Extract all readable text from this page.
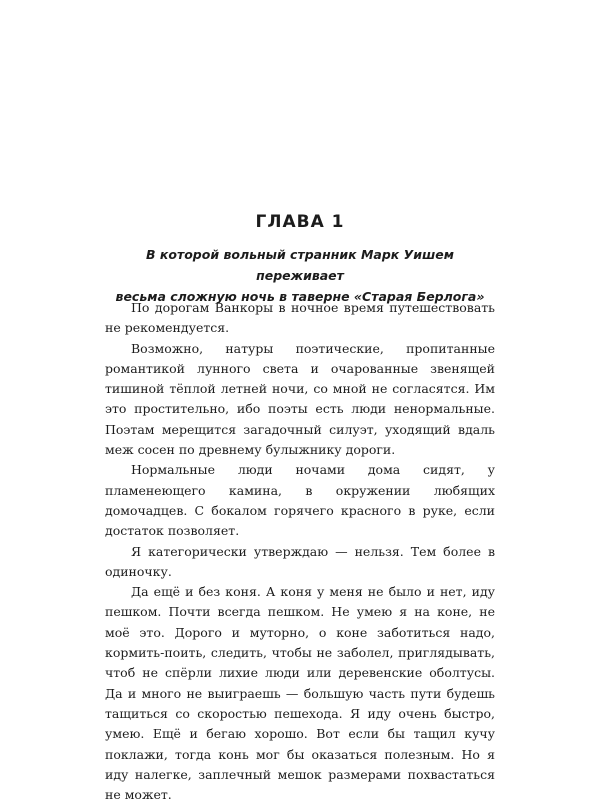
ГЛАВА 1
В которой вольный странник Марк Уишем переживает
весьма сложную ночь в таверне «Старая Берлога»

По дорогам Ванкоры в ночное время путешествовать не рекомендуется.

Возможно, натуры поэтические, пропитанные романтикой лунного света и очарованные звенящей тишиной тёплой летней ночи, со мной не согласятся. Им это простительно, ибо поэты есть люди ненормальные. Поэтам мерещится загадочный силуэт, уходящий вдаль меж сосен по древнему булыжнику дороги.

Нормальные люди ночами дома сидят, у пламенеющего камина, в окружении любящих домочадцев. С бокалом горячего красного в руке, если достаток позволяет.

Я категорически утверждаю — нельзя. Тем более в одиночку.

Да ещё и без коня. А коня у меня не было и нет, иду пешком. Почти всегда пешком. Не умею я на коне, не моё это. Дорого и муторно, о коне заботиться надо, кормить-поить, следить, чтобы не заболел, приглядывать, чтоб не спёрли лихие люди или деревенские оболтусы. Да и много не выиграешь — большую часть пути будешь тащиться со скоростью пешехода. Я иду очень быстро, умею. Ещё и бегаю хорошо. Вот если бы тащил кучу поклажи, тогда конь мог бы оказаться полезным. Но я иду налегке, заплечный мешок размерами похвастаться не может.
